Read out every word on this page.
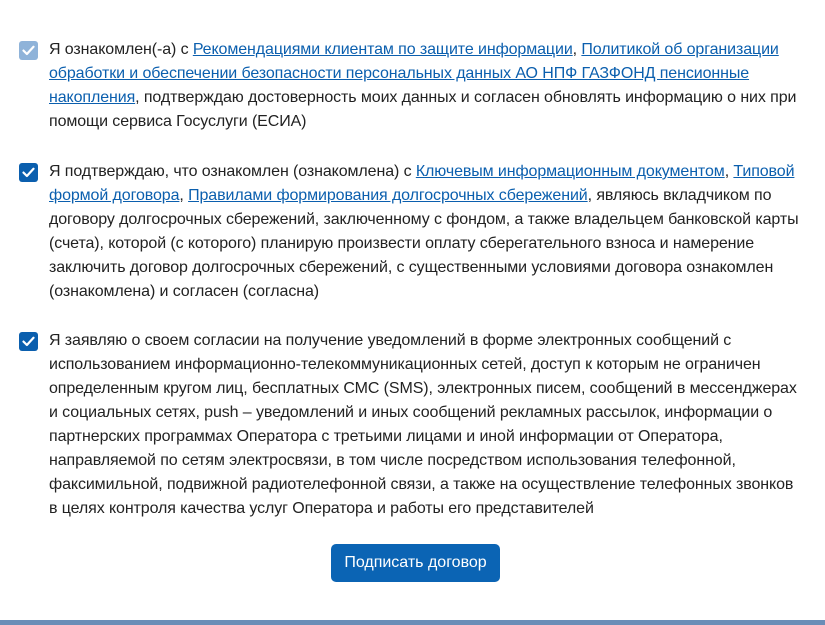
Я ознакомлен(-а) с Рекомендациями клиентам по защите информации, Политикой об организации обработки и обеспечении безопасности персональных данных АО НПФ ГАЗФОНД пенсионные накопления, подтверждаю достоверность моих данных и согласен обновлять информацию о них при помощи сервиса Госуслуги (ЕСИА)
Я подтверждаю, что ознакомлен (ознакомлена) с Ключевым информационным документом, Типовой формой договора, Правилами формирования долгосрочных сбережений, являюсь вкладчиком по договору долгосрочных сбережений, заключенному с фондом, а также владельцем банковской карты (счета), которой (с которого) планирую произвести оплату сберегательного взноса и намерение заключить договор долгосрочных сбережений, с существенными условиями договора ознакомлен (ознакомлена) и согласен (согласна)
Я заявляю о своем согласии на получение уведомлений в форме электронных сообщений с использованием информационно-телекоммуникационных сетей, доступ к которым не ограничен определенным кругом лиц, бесплатных СМС (SMS), электронных писем, сообщений в мессенджерах и социальных сетях, push – уведомлений и иных сообщений рекламных рассылок, информации о партнерских программах Оператора с третьими лицами и иной информации от Оператора, направляемой по сетям электросвязи, в том числе посредством использования телефонной, факсимильной, подвижной радиотелефонной связи, а также на осуществление телефонных звонков в целях контроля качества услуг Оператора и работы его представителей
Подписать договор
